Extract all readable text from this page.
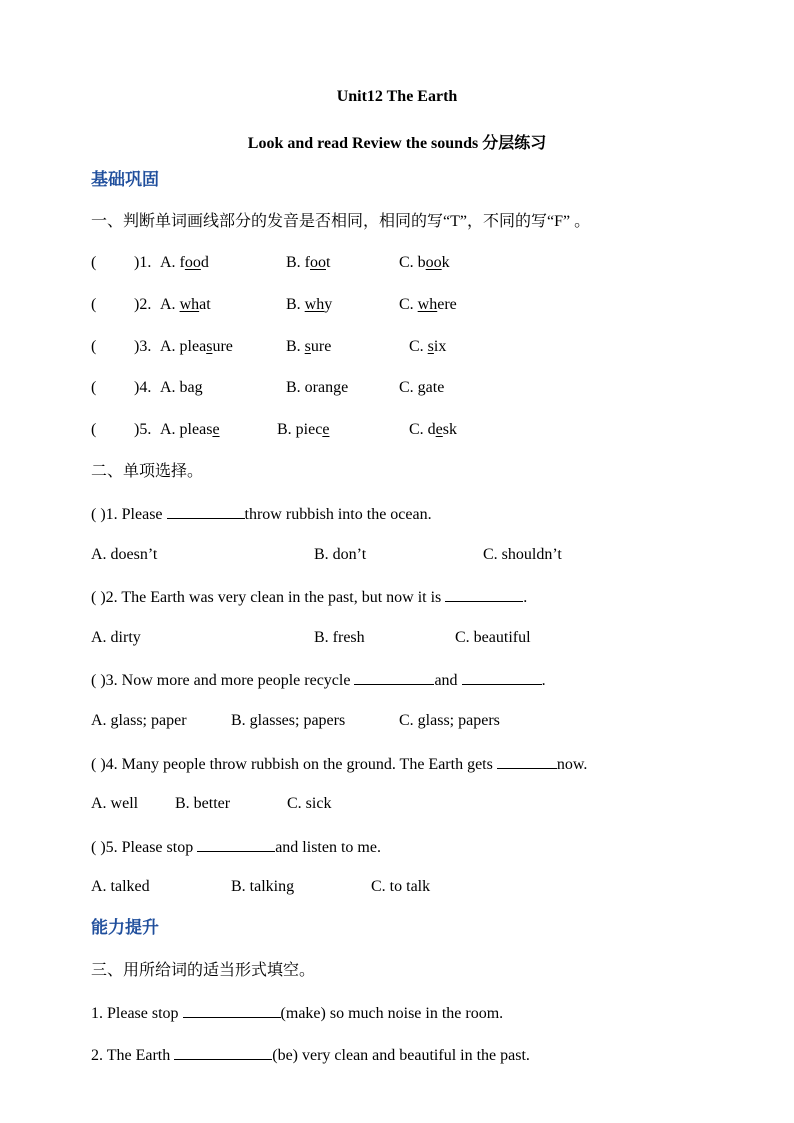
Unit12 The Earth
Look and read Review the sounds 分层练习
基础巩固
一、判断单词画线部分的发音是否相同，相同的写“T”，不同的写“F” 。
( )1. A. food	B. foot	C. book
( )2. A. what	B. why	C. where
( )3. A. pleasure	B. sure	C. six
( )4. A. bag	B. orange	C. gate
( )5. A. please	B. piece	C. desk
二、单项选择。
( )1. Please	throw rubbish into the ocean.
A. doesn’t	B. don’t	C. shouldn’t
( )2. The Earth was very clean in the past, but now it is	.
A. dirty	B. fresh	C. beautiful
( )3. Now more and more people recycle	and	.
A. glass; paper	B. glasses; papers	C. glass; papers
( )4. Many people throw rubbish on the ground. The Earth gets	now.
A. well B. better	C. sick
( )5. Please stop	and listen to me.
A. talked	B. talking	C. to talk
能力提升
三、用所给词的适当形式填空。
1. Please stop	(make) so much noise in the room.
2. The Earth	(be) very clean and beautiful in the past.
